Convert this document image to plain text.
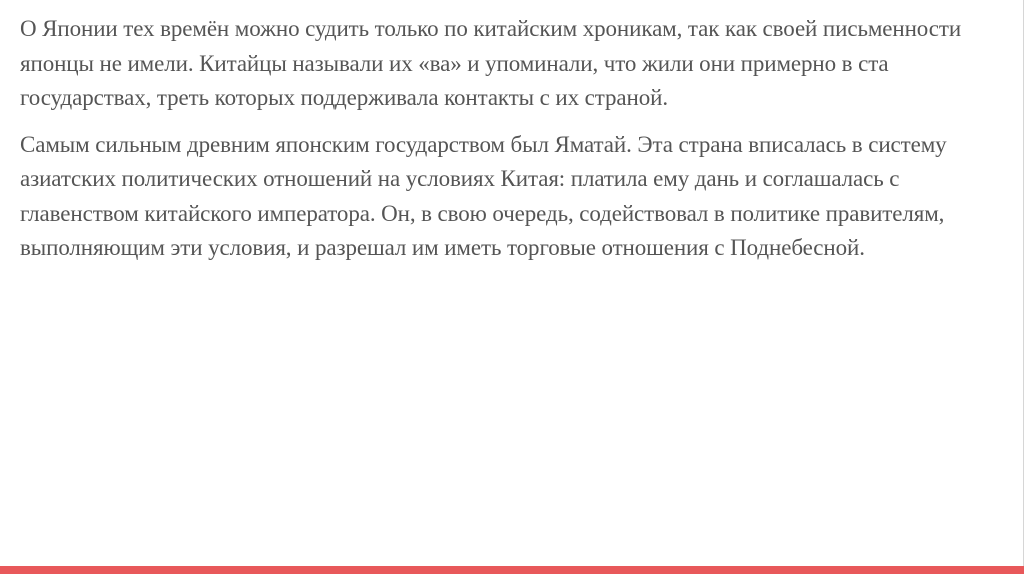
О Японии тех времён можно судить только по китайским хроникам, так как своей письменности японцы не имели. Китайцы называли их «ва» и упоминали, что жили они примерно в ста государствах, треть которых поддерживала контакты с их страной.

Самым сильным древним японским государством был Яматай. Эта страна вписалась в систему азиатских политических отношений на условиях Китая: платила ему дань и соглашалась с главенством китайского императора. Он, в свою очередь, содействовал в политике правителям, выполняющим эти условия, и разрешал им иметь торговые отношения с Поднебесной.
